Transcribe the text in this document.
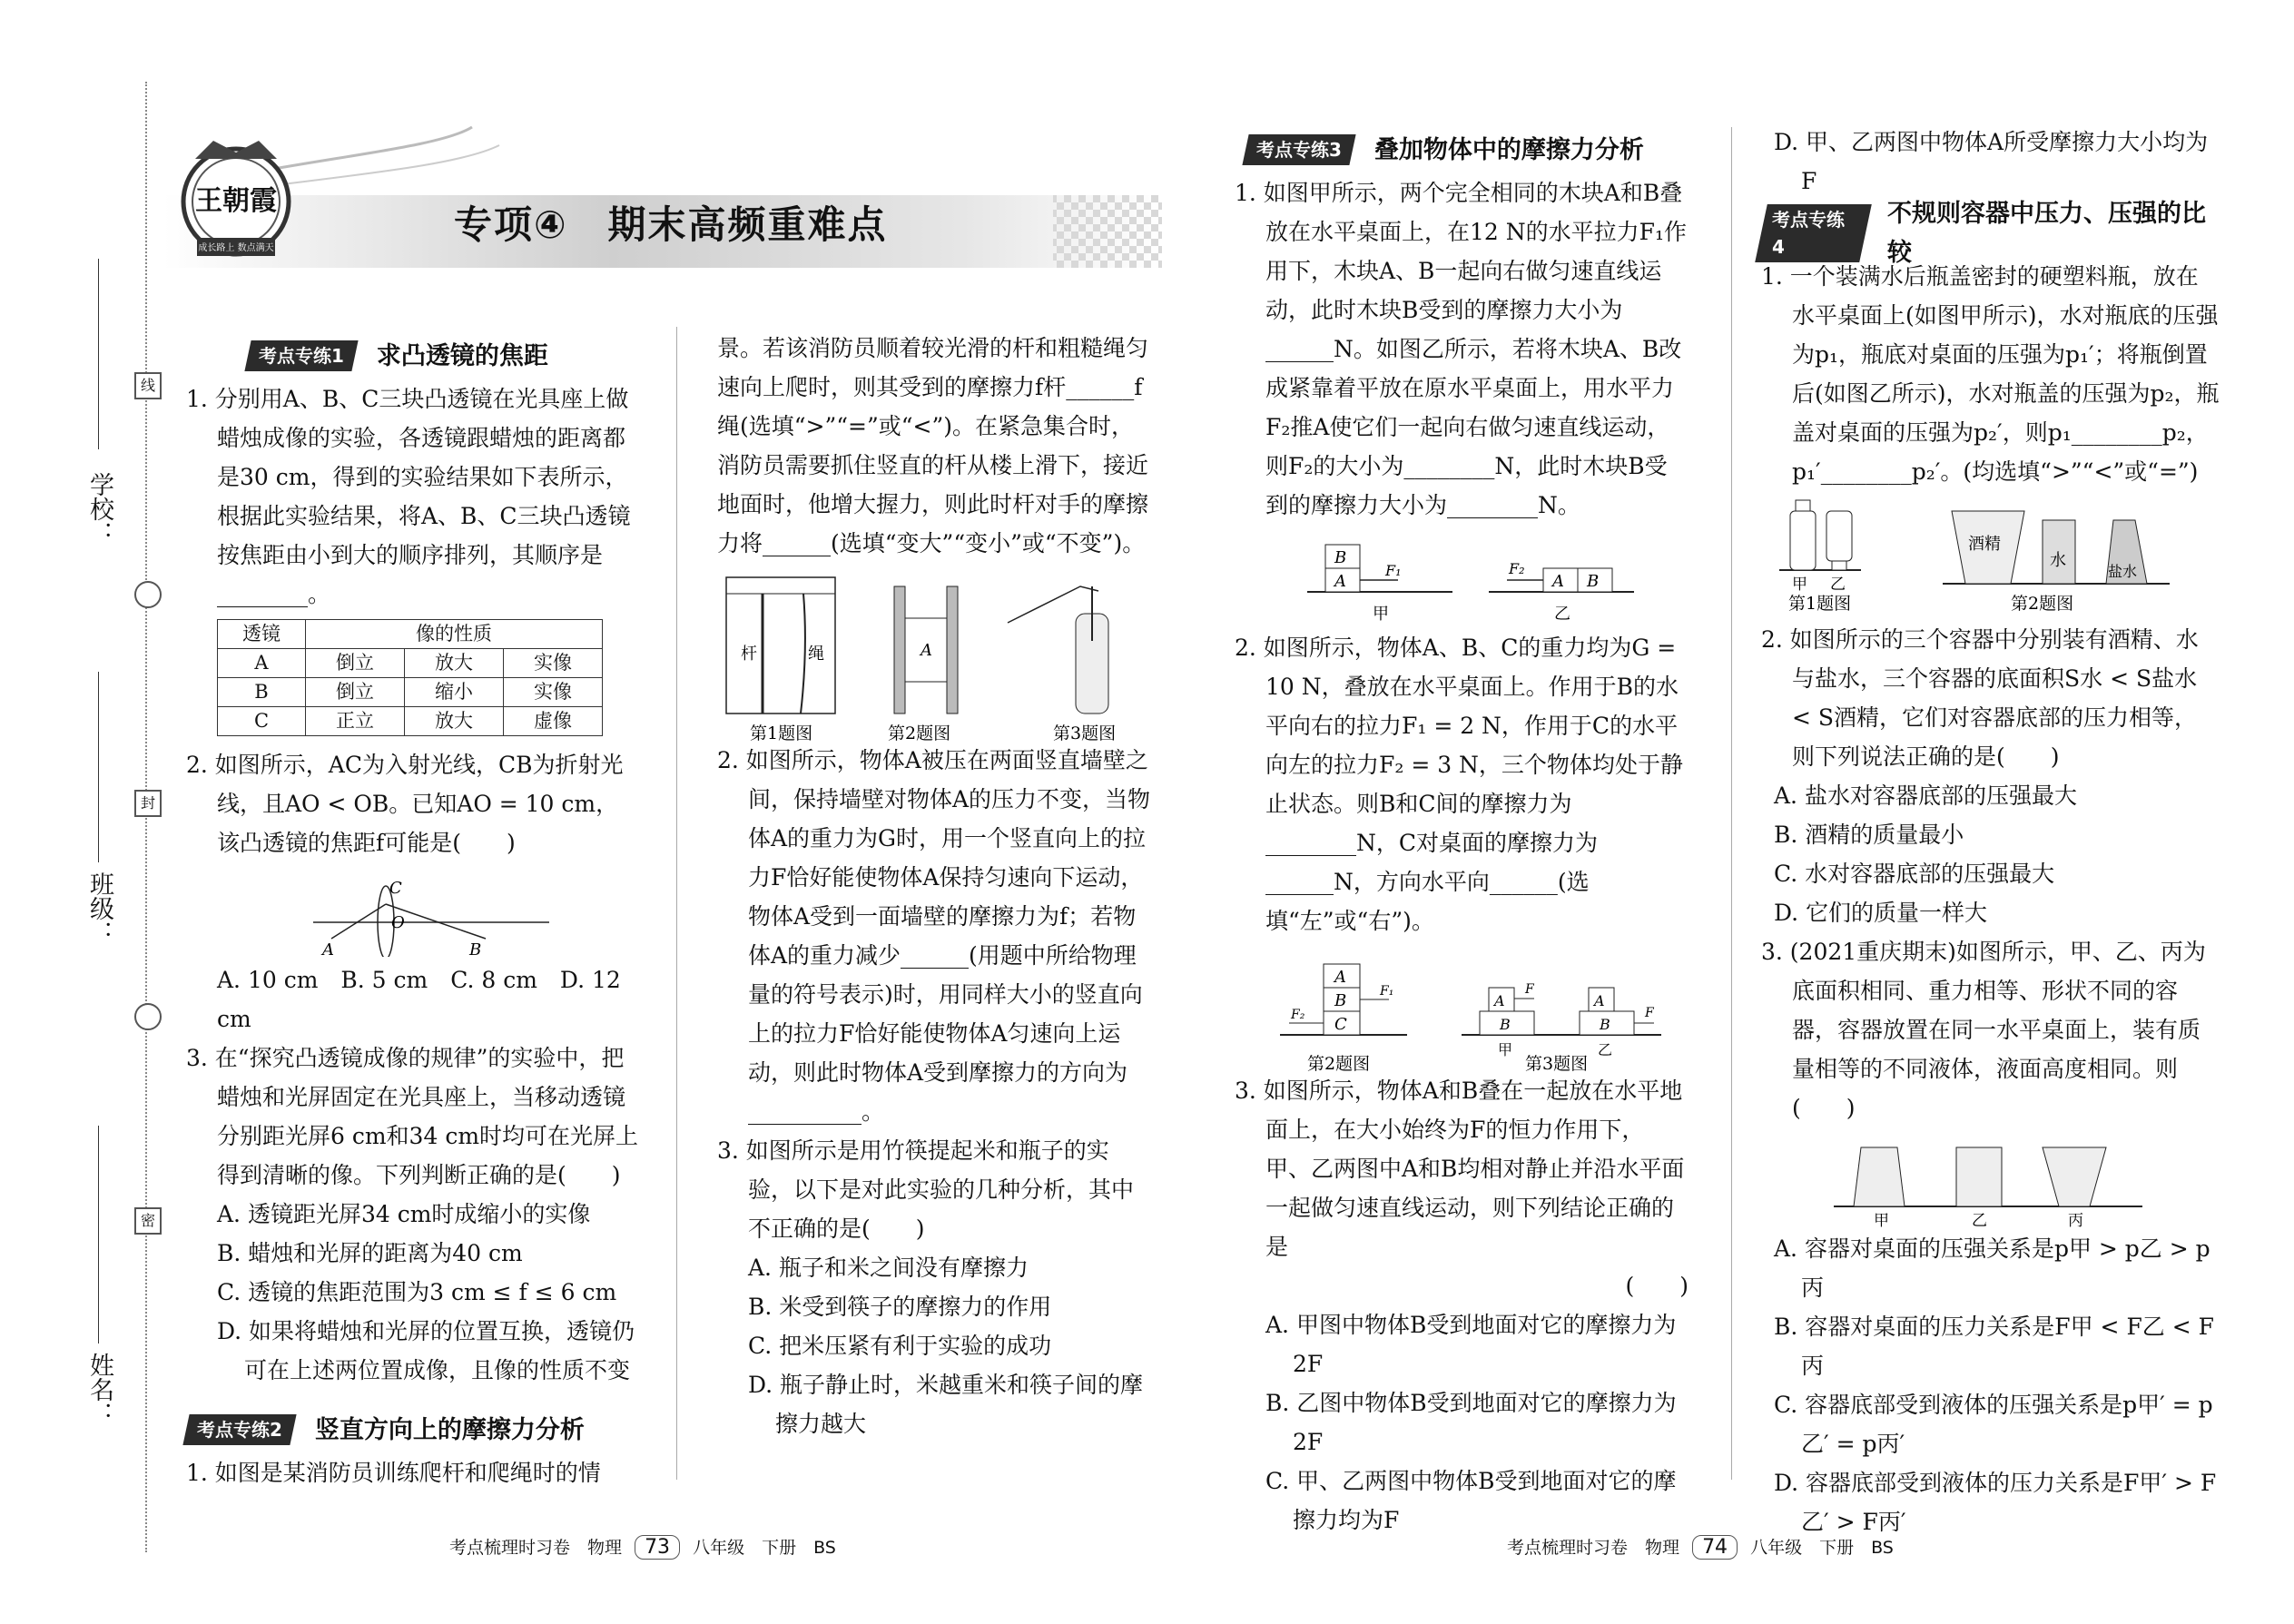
线
封
密
学校：
班级：
姓名：
王朝霞
成长路上 数点满天
专项④　期末高频重难点
考点专练1	求凸透镜的焦距

1. 分别用A、B、C三块凸透镜在光具座上做蜡烛成像的实验，各透镜跟蜡烛的距离都是30 cm，得到的实验结果如下表所示，根据此实验结果，将A、B、C三块凸透镜按焦距由小到大的顺序排列，其顺序是________。

透镜	像的性质		
A	倒立	放大	实像
B	倒立	缩小	实像
C	正立	放大	虚像

2. 如图所示，AC为入射光线，CB为折射光线，且AO < OB。已知AO = 10 cm，该凸透镜的焦距f可能是(　　)

A	B
C
O

A. 10 cm　B. 5 cm　C. 8 cm　D. 12 cm

3. 在“探究凸透镜成像的规律”的实验中，把蜡烛和光屏固定在光具座上，当移动透镜分别距光屏6 cm和34 cm时均可在光屏上得到清晰的像。下列判断正确的是(　　)

A. 透镜距光屏34 cm时成缩小的实像

B. 蜡烛和光屏的距离为40 cm

C. 透镜的焦距范围为3 cm ≤ f ≤ 6 cm

D. 如果将蜡烛和光屏的位置互换，透镜仍可在上述两位置成像，且像的性质不变

考点专练2	竖直方向上的摩擦力分析

1. 如图是某消防员训练爬杆和爬绳时的情

景。若该消防员顺着较光滑的杆和粗糙绳匀速向上爬时，则其受到的摩擦力f杆______f绳(选填“>”“=”或“<”)。在紧急集合时，消防员需要抓住竖直的杆从楼上滑下，接近地面时，他增大握力，则此时杆对手的摩擦力将______(选填“变大”“变小”或“不变”)。

杆	绳	A
第1题图	第2题图	第3题图

2. 如图所示，物体A被压在两面竖直墙壁之间，保持墙壁对物体A的压力不变，当物体A的重力为G时，用一个竖直向上的拉力F恰好能使物体A保持匀速向下运动，物体A受到一面墙壁的摩擦力为f；若物体A的重力减少______(用题中所给物理量的符号表示)时，用同样大小的竖直向上的拉力F恰好能使物体A匀速向上运动，则此时物体A受到摩擦力的方向为__________。

3. 如图所示是用竹筷提起米和瓶子的实验，以下是对此实验的几种分析，其中不正确的是(　　)

A. 瓶子和米之间没有摩擦力

B. 米受到筷子的摩擦力的作用

C. 把米压紧有利于实验的成功

D. 瓶子静止时，米越重米和筷子间的摩擦力越大

考点专练3	叠加物体中的摩擦力分析

1. 如图甲所示，两个完全相同的木块A和B叠放在水平桌面上，在12 N的水平拉力F₁作用下，木块A、B一起向右做匀速直线运动，此时木块B受到的摩擦力大小为______N。如图乙所示，若将木块A、B改成紧靠着平放在原水平桌面上，用水平力F₂推A使它们一起向右做匀速直线运动，则F₂的大小为________N，此时木块B受到的摩擦力大小为________N。

B
A
F₁
A B
F₂
甲	乙

2. 如图所示，物体A、B、C的重力均为G = 10 N，叠放在水平桌面上。作用于B的水平向右的拉力F₁ = 2 N，作用于C的水平向左的拉力F₂ = 3 N，三个物体均处于静止状态。则B和C间的摩擦力为________N，C对桌面的摩擦力为______N，方向水平向______(选填“左”或“右”)。

A
B
C
F₁
F₂
A
B
F
A
B
F
甲	乙
第2题图	第3题图

3. 如图所示，物体A和B叠在一起放在水平地面上，在大小始终为F的恒力作用下，甲、乙两图中A和B均相对静止并沿水平面一起做匀速直线运动，则下列结论正确的是

(　　)

A. 甲图中物体B受到地面对它的摩擦力为2F

B. 乙图中物体B受到地面对它的摩擦力为2F

C. 甲、乙两图中物体B受到地面对它的摩擦力均为F

D. 甲、乙两图中物体A所受摩擦力大小均为F

考点专练4
不规则容器中压力、压强的比较

1. 一个装满水后瓶盖密封的硬塑料瓶，放在水平桌面上(如图甲所示)，水对瓶底的压强为p₁，瓶底对桌面的压强为p₁′；将瓶倒置后(如图乙所示)，水对瓶盖的压强为p₂，瓶盖对桌面的压强为p₂′，则p₁________p₂，p₁′________p₂′。(均选填“>”“<”或“=”)

甲 乙
第1题图
酒精
水
盐水
第2题图

2. 如图所示的三个容器中分别装有酒精、水与盐水，三个容器的底面积S水 < S盐水 < S酒精，它们对容器底部的压力相等，则下列说法正确的是(　　)

A. 盐水对容器底部的压强最大

B. 酒精的质量最小

C. 水对容器底部的压强最大

D. 它们的质量一样大

3. (2021重庆期末)如图所示，甲、乙、丙为底面积相同、重力相等、形状不同的容器，容器放置在同一水平桌面上，装有质量相等的不同液体，液面高度相同。则(　　)

甲	乙	丙

A. 容器对桌面的压强关系是p甲 > p乙 > p丙

B. 容器对桌面的压力关系是F甲 < F乙 < F丙

C. 容器底部受到液体的压强关系是p甲′ = p乙′ = p丙′

D. 容器底部受到液体的压力关系是F甲′ > F乙′ > F丙′

考点梳理时习卷　物理 73 八年级　下册　BS	考点梳理时习卷　物理 74 八年级　下册　BS
